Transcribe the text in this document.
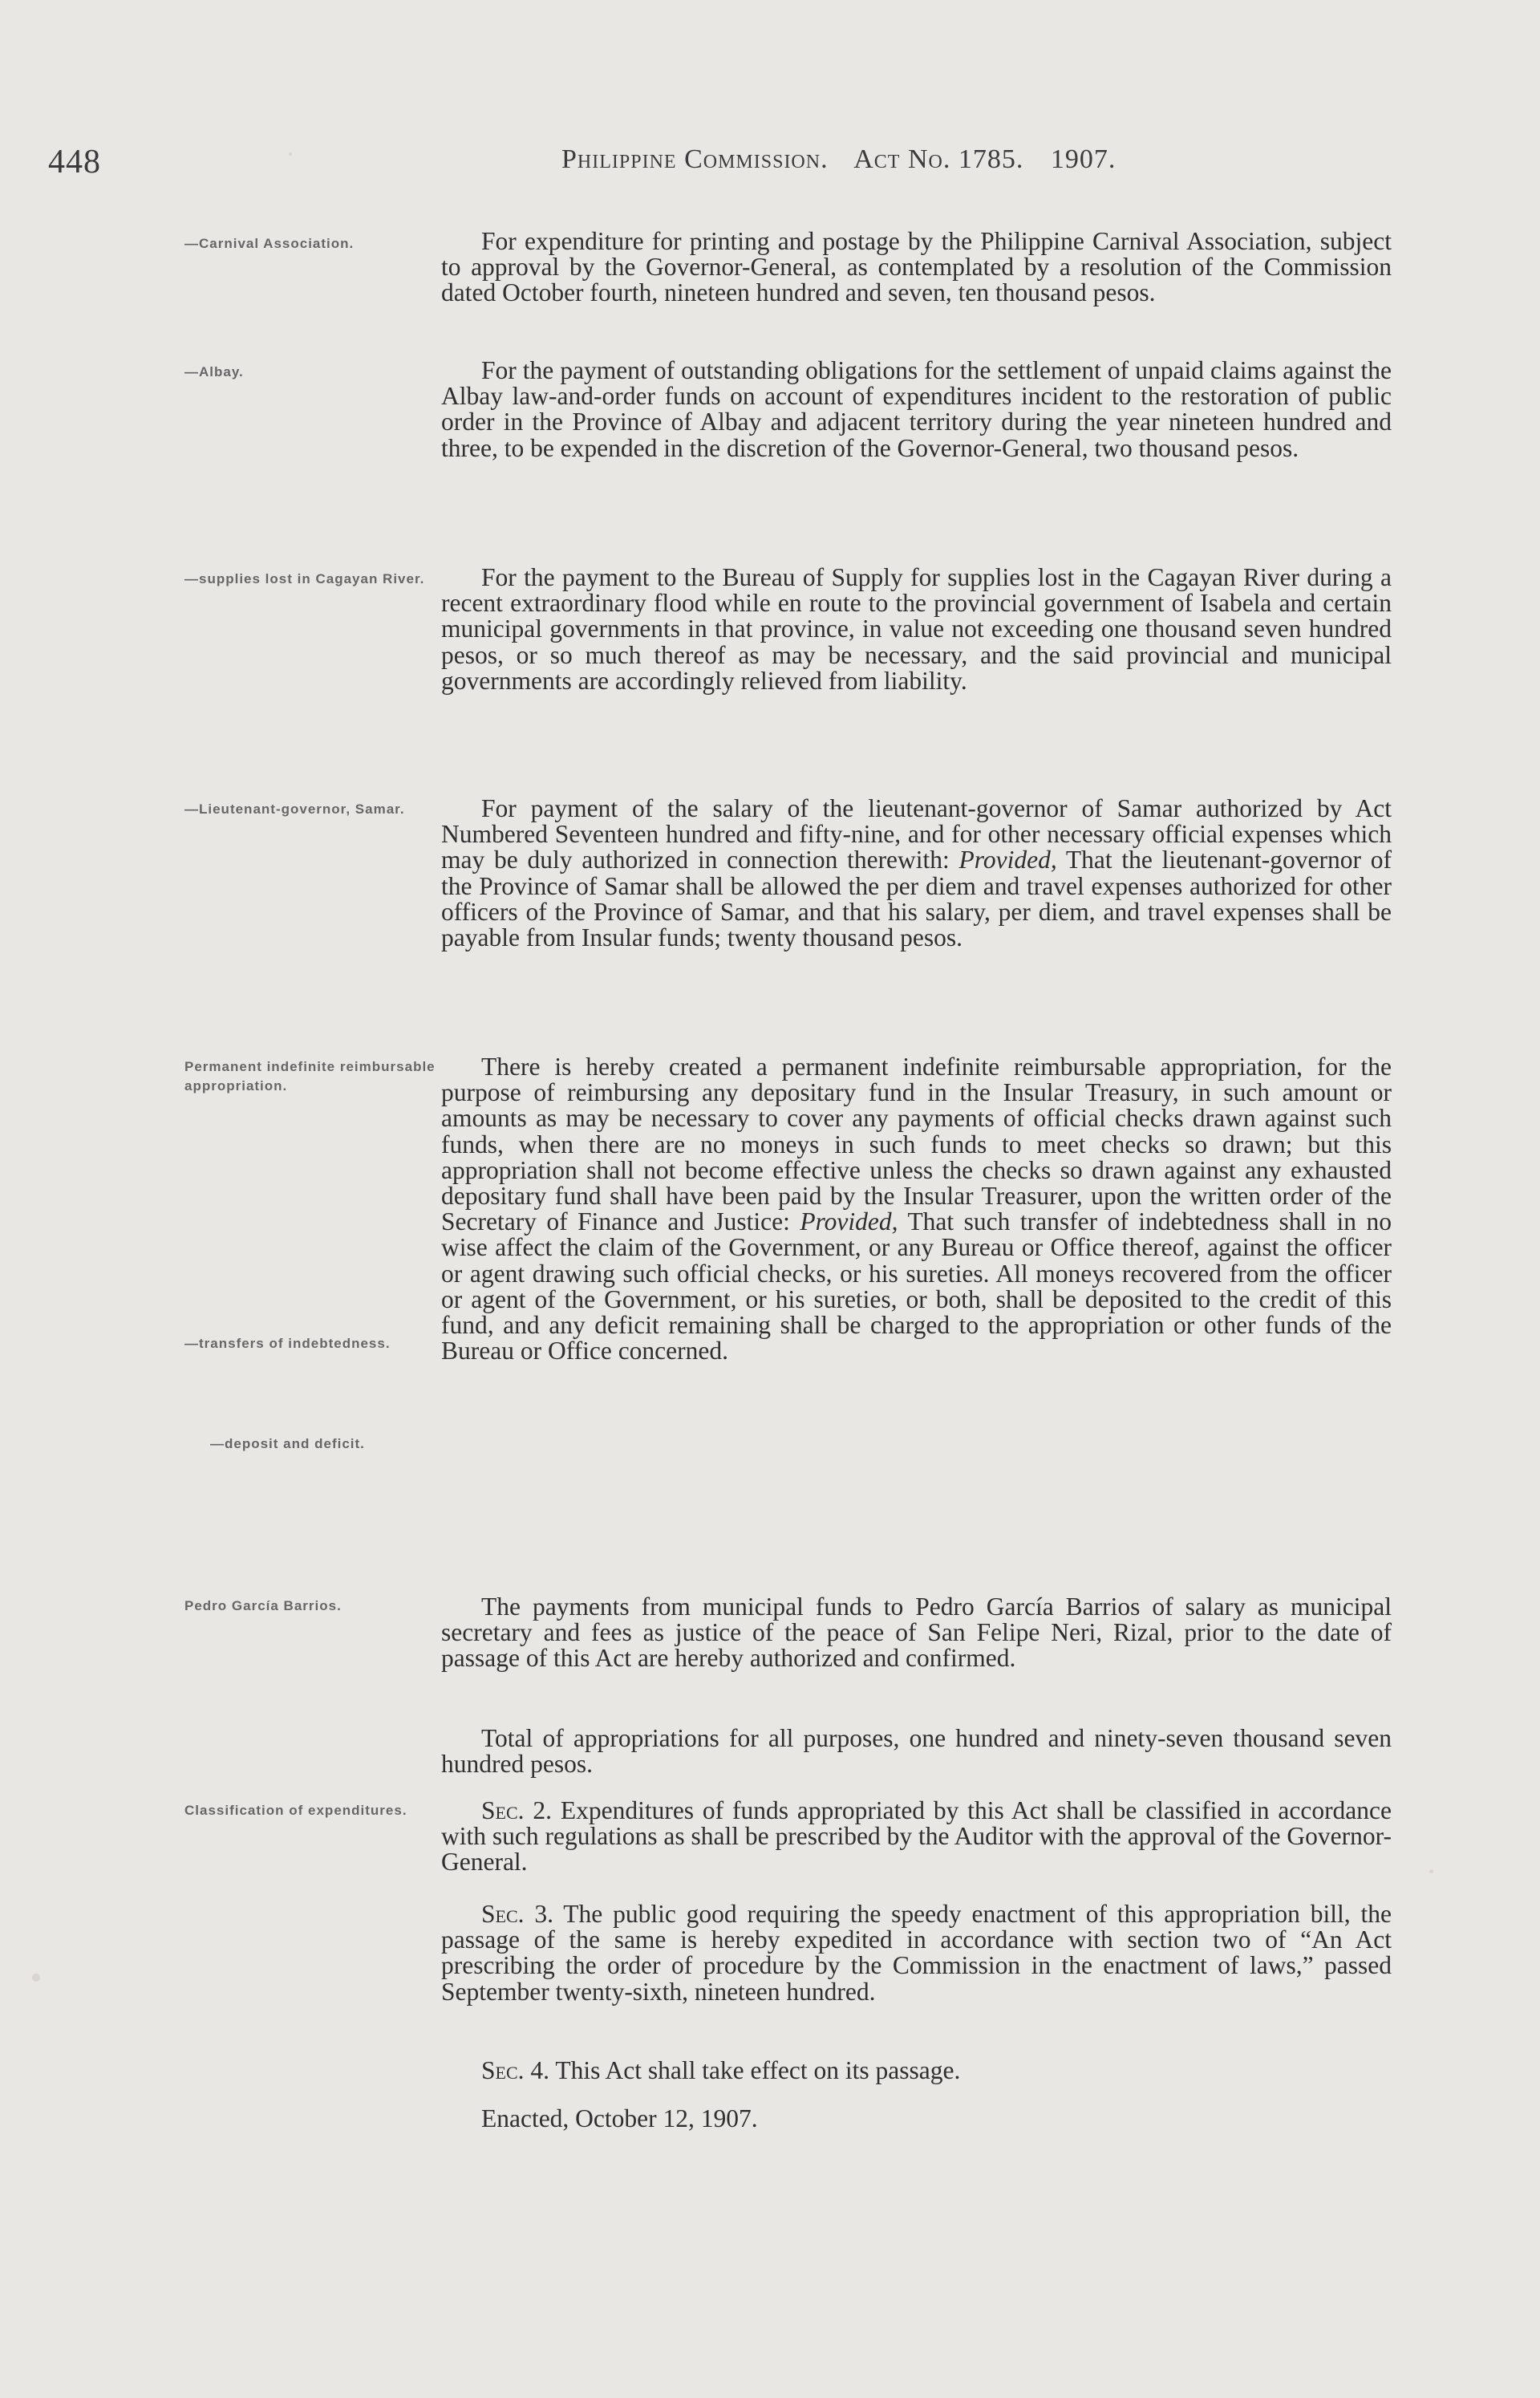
448	Philippine Commission. Act No. 1785. 1907.
—Carnival Association.	For expenditure for printing and postage by the Philippine Carnival Association, subject to approval by the Governor-General, as contemplated by a resolution of the Commission dated October fourth, nineteen hundred and seven, ten thousand pesos.
—Albay.	For the payment of outstanding obligations for the settlement of unpaid claims against the Albay law-and-order funds on account of expenditures incident to the restoration of public order in the Province of Albay and adjacent territory during the year nineteen hundred and three, to be expended in the discretion of the Governor-General, two thousand pesos.
—supplies lost in Cagayan River.	For the payment to the Bureau of Supply for supplies lost in the Cagayan River during a recent extraordinary flood while en route to the provincial government of Isabela and certain municipal governments in that province, in value not exceeding one thousand seven hundred pesos, or so much thereof as may be necessary, and the said provincial and municipal governments are accordingly relieved from liability.
—Lieutenant-governor, Samar.	For payment of the salary of the lieutenant-governor of Samar authorized by Act Numbered Seventeen hundred and fifty-nine, and for other necessary official expenses which may be duly authorized in connection therewith: Provided, That the lieutenant-governor of the Province of Samar shall be allowed the per diem and travel expenses authorized for other officers of the Province of Samar, and that his salary, per diem, and travel expenses shall be payable from Insular funds; twenty thousand pesos.
Permanent indefinite reimbursable appropriation.
There is hereby created a permanent indefinite reimbursable appropriation, for the purpose of reimbursing any depositary fund in the Insular Treasury, in such amount or amounts as may be necessary to cover any payments of official checks drawn against such funds, when there are no moneys in such funds to meet checks so drawn; but this appropriation shall not become effective unless the checks so drawn against any exhausted depositary fund shall have been paid by the Insular Treasurer, upon the written order of the Secretary of Finance and Justice: Provided, That such transfer of indebtedness shall in no wise affect the claim of the Government, or any Bureau or Office thereof, against the officer or agent drawing such official checks, or his sureties. All moneys recovered from the officer or agent of the Government, or his sureties, or both, shall be deposited to the credit of this fund, and any deficit remaining shall be charged to the appropriation or other funds of the Bureau or Office concerned.
—transfers of indebtedness.
—deposit and deficit.
Pedro García Barrios.	The payments from municipal funds to Pedro García Barrios of salary as municipal secretary and fees as justice of the peace of San Felipe Neri, Rizal, prior to the date of passage of this Act are hereby authorized and confirmed.
Total of appropriations for all purposes, one hundred and ninety-seven thousand seven hundred pesos.
Classification of expenditures.	Sec. 2. Expenditures of funds appropriated by this Act shall be classified in accordance with such regulations as shall be prescribed by the Auditor with the approval of the Governor-General.
Sec. 3. The public good requiring the speedy enactment of this appropriation bill, the passage of the same is hereby expedited in accordance with section two of “An Act prescribing the order of procedure by the Commission in the enactment of laws,” passed September twenty-sixth, nineteen hundred.
Sec. 4. This Act shall take effect on its passage.
Enacted, October 12, 1907.
